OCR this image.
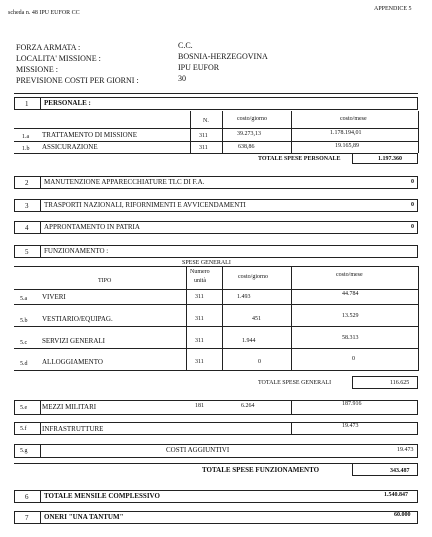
scheda n. 48 IPU EUFOR CC
APPENDICE 5
FORZA ARMATA :	C.C.
LOCALITA' MISSIONE :	BOSNIA-HERZEGOVINA
MISSIONE :	IPU EUFOR
PREVISIONE COSTI PER GIORNI :	30
1 PERSONALE :
N.	costo/giorno	costo/mese
1.a TRATTAMENTO DI MISSIONE	311	39.273,13	1.178.194,01
1.b ASSICURAZIONE	311	638,86	19.165,89
TOTALE SPESE PERSONALE	1.197.360
2 MANUTENZIONE APPARECCHIATURE TLC DI F.A.	0
3 TRASPORTI NAZIONALI, RIFORNIMENTI E AVVICENDAMENTI	0
4 APPRONTAMENTO IN PATRIA	0
5 FUNZIONAMENTO :
SPESE GENERALI
TIPO
Numero
unità
costo/giorno	costo/mese
5.a VIVERI	311	1.493	44.784
5.b VESTIARIO/EQUIPAG.	311	451	13.529
5.c SERVIZI GENERALI	311	1.944	58.313
5.d ALLOGGIAMENTO	311	0	0
TOTALE SPESE GENERALI	116.625
5.e MEZZI MILITARI	181	6.264	187.916
5.f INFRASTRUTTURE	19.473
5.g	COSTI AGGIUNTIVI	19.473
TOTALE SPESE FUNZIONAMENTO	343.487
6 TOTALE MENSILE COMPLESSIVO	1.540.847
7 ONERI "UNA TANTUM"	60.000
